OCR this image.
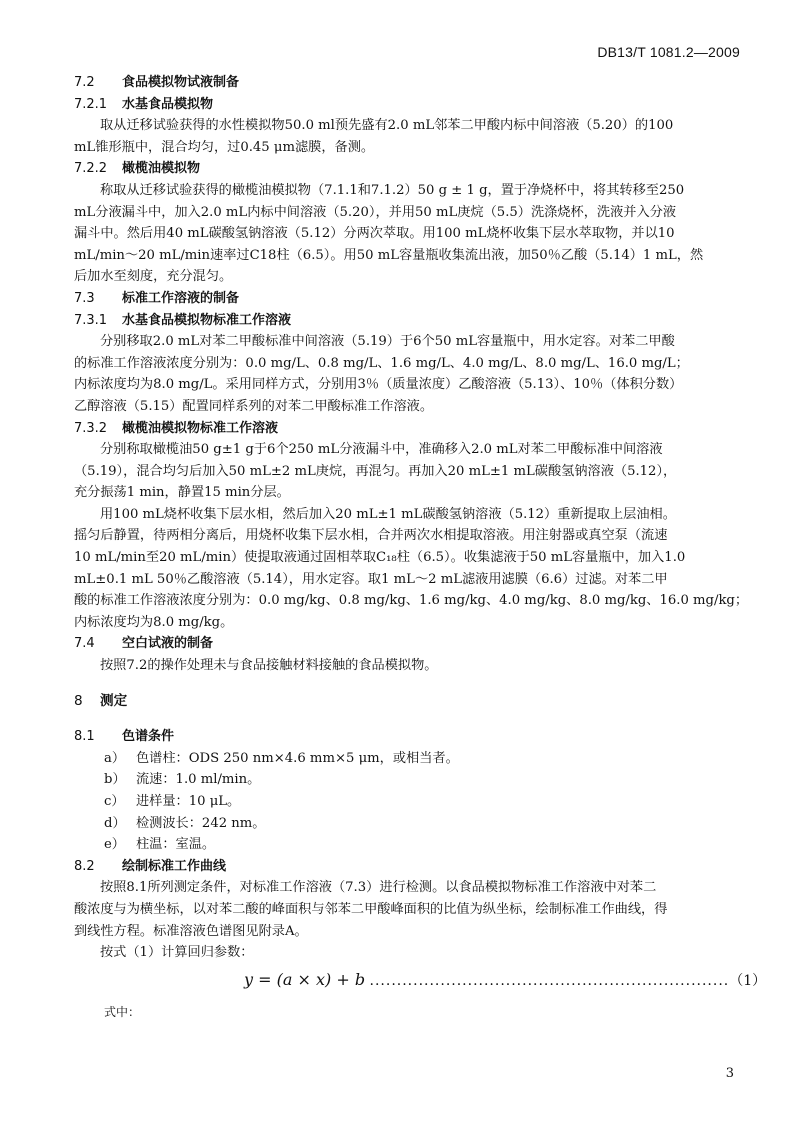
DB13/T 1081.2—2009
7.2 食品模拟物试液制备
7.2.1 水基食品模拟物
取从迁移试验获得的水性模拟物50.0 ml预先盛有2.0 mL邻苯二甲酸内标中间溶液（5.20）的100
mL锥形瓶中，混合均匀，过0.45 μm滤膜，备测。
7.2.2 橄榄油模拟物
称取从迁移试验获得的橄榄油模拟物（7.1.1和7.1.2）50 g ± 1 g，置于净烧杯中，将其转移至250
mL分液漏斗中，加入2.0 mL内标中间溶液（5.20），并用50 mL庚烷（5.5）洗涤烧杯，洗液并入分液
漏斗中。然后用40 mL碳酸氢钠溶液（5.12）分两次萃取。用100 mL烧杯收集下层水萃取物，并以10
mL/min～20 mL/min速率过C18柱（6.5）。用50 mL容量瓶收集流出液，加50％乙酸（5.14）1 mL，然
后加水至刻度，充分混匀。
7.3 标准工作溶液的制备
7.3.1 水基食品模拟物标准工作溶液
分别移取2.0 mL对苯二甲酸标准中间溶液（5.19）于6个50 mL容量瓶中，用水定容。对苯二甲酸
的标准工作溶液浓度分别为：0.0 mg/L、0.8 mg/L、1.6 mg/L、4.0 mg/L、8.0 mg/L、16.0 mg/L；
内标浓度均为8.0 mg/L。采用同样方式，分别用3％（质量浓度）乙酸溶液（5.13）、10％（体积分数）
乙醇溶液（5.15）配置同样系列的对苯二甲酸标准工作溶液。
7.3.2 橄榄油模拟物标准工作溶液
分别称取橄榄油50 g±1 g于6个250 mL分液漏斗中，准确移入2.0 mL对苯二甲酸标准中间溶液
（5.19），混合均匀后加入50 mL±2 mL庚烷，再混匀。再加入20 mL±1 mL碳酸氢钠溶液（5.12），
充分振荡1 min，静置15 min分层。
用100 mL烧杯收集下层水相，然后加入20 mL±1 mL碳酸氢钠溶液（5.12）重新提取上层油相。
摇匀后静置，待两相分离后，用烧杯收集下层水相，合并两次水相提取溶液。用注射器或真空泵（流速
10 mL/min至20 mL/min）使提取液通过固相萃取C₁₈柱（6.5）。收集滤液于50 mL容量瓶中，加入1.0
mL±0.1 mL 50％乙酸溶液（5.14），用水定容。取1 mL～2 mL滤液用滤膜（6.6）过滤。对苯二甲
酸的标准工作溶液浓度分别为：0.0 mg/kg、0.8 mg/kg、1.6 mg/kg、4.0 mg/kg、8.0 mg/kg、16.0 mg/kg；
内标浓度均为8.0 mg/kg。
7.4 空白试液的制备
按照7.2的操作处理未与食品接触材料接触的食品模拟物。
8 测定
8.1 色谱条件
a） 色谱柱：ODS 250 nm×4.6 mm×5 μm，或相当者。
b） 流速：1.0 ml/min。
c） 进样量：10 μL。
d） 检测波长：242 nm。
e） 柱温：室温。
8.2 绘制标准工作曲线
按照8.1所列测定条件，对标准工作溶液（7.3）进行检测。以食品模拟物标准工作溶液中对苯二
酸浓度与为横坐标，以对苯二酸的峰面积与邻苯二甲酸峰面积的比值为纵坐标，绘制标准工作曲线，得
到线性方程。标准溶液色谱图见附录A。
按式（1）计算回归参数：
y = (a × x) + b ..................................................................（1）
式中：
3
